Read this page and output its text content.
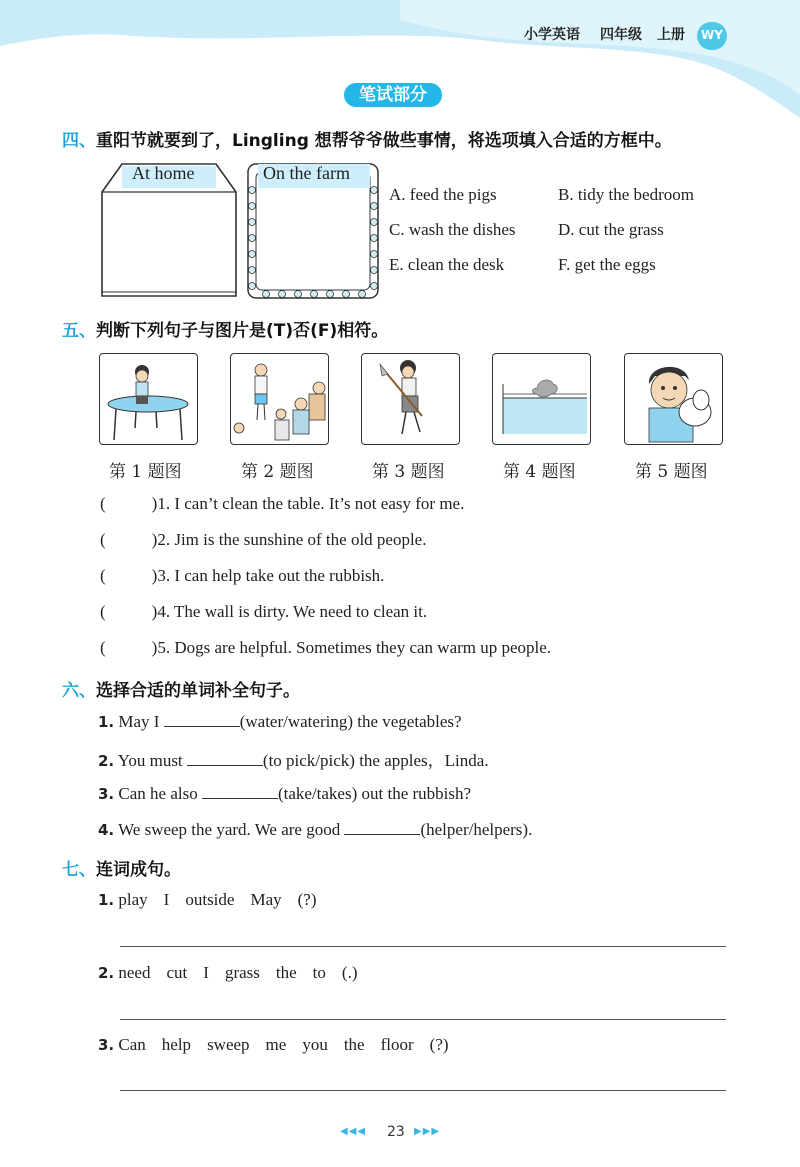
小学英语 四年级 上册	WY
笔试部分
四、重阳节就要到了，Lingling 想帮爷爷做些事情，将选项填入合适的方框中。
At home	On the farm
A. feed the pigs	B. tidy the bedroom
C. wash the dishes D. cut the grass
E. clean the desk	F. get the eggs
五、判断下列句子与图片是(T)否(F)相符。
第 1 题图	第 2 题图	第 3 题图	第 4 题图	第 5 题图
(	)1. I can’t clean the table. It’s not easy for me.
(	)2. Jim is the sunshine of the old people.
(	)3. I can help take out the rubbish.
(	)4. The wall is dirty. We need to clean it.
(	)5. Dogs are helpful. Sometimes they can warm up people.
六、选择合适的单词补全句子。
1. May I	(water/watering) the vegetables?
2. You must	(to pick/pick) the apples，Linda.
3. Can he also	(take/takes) out the rubbish?
4. We sweep the yard. We are good	(helper/helpers).
七、连词成句。
1. play I outside May (?)
2. need cut I grass the to (.)
3. Can help sweep me you the floor (?)
◀◀◀ 23 ▶▶▶
